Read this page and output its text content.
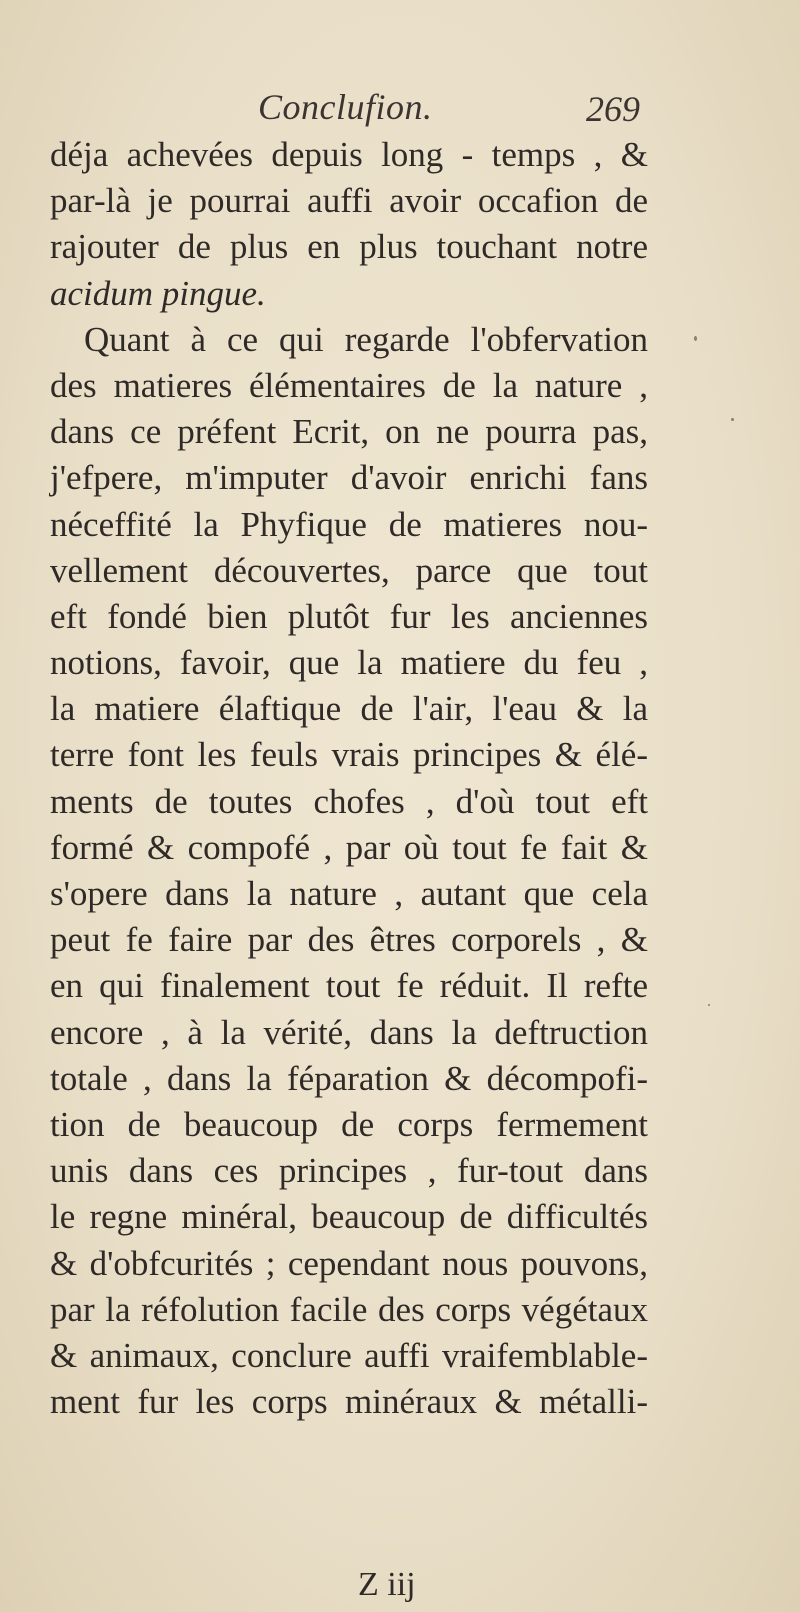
Conclufion.	269
déja achevées depuis long - temps , &
par-là je pourrai auffi avoir occafion de
rajouter de plus en plus touchant notre
acidum pingue.
Quant à ce qui regarde l'obfervation
des matieres élémentaires de la nature ,
dans ce préfent Ecrit, on ne pourra pas,
j'efpere, m'imputer d'avoir enrichi fans
néceffité la Phyfique de matieres nou-
vellement découvertes, parce que tout
eft fondé bien plutôt fur les anciennes
notions, favoir, que la matiere du feu ,
la matiere élaftique de l'air, l'eau & la
terre font les feuls vrais principes & élé-
ments de toutes chofes , d'où tout eft
formé & compofé , par où tout fe fait &
s'opere dans la nature , autant que cela
peut fe faire par des êtres corporels , &
en qui finalement tout fe réduit. Il refte
encore , à la vérité, dans la deftruction
totale , dans la féparation & décompofi-
tion de beaucoup de corps fermement
unis dans ces principes , fur-tout dans
le regne minéral, beaucoup de difficultés
& d'obfcurités ; cependant nous pouvons,
par la réfolution facile des corps végétaux
& animaux, conclure auffi vraifemblable-
ment fur les corps minéraux & métalli-
Z iij
